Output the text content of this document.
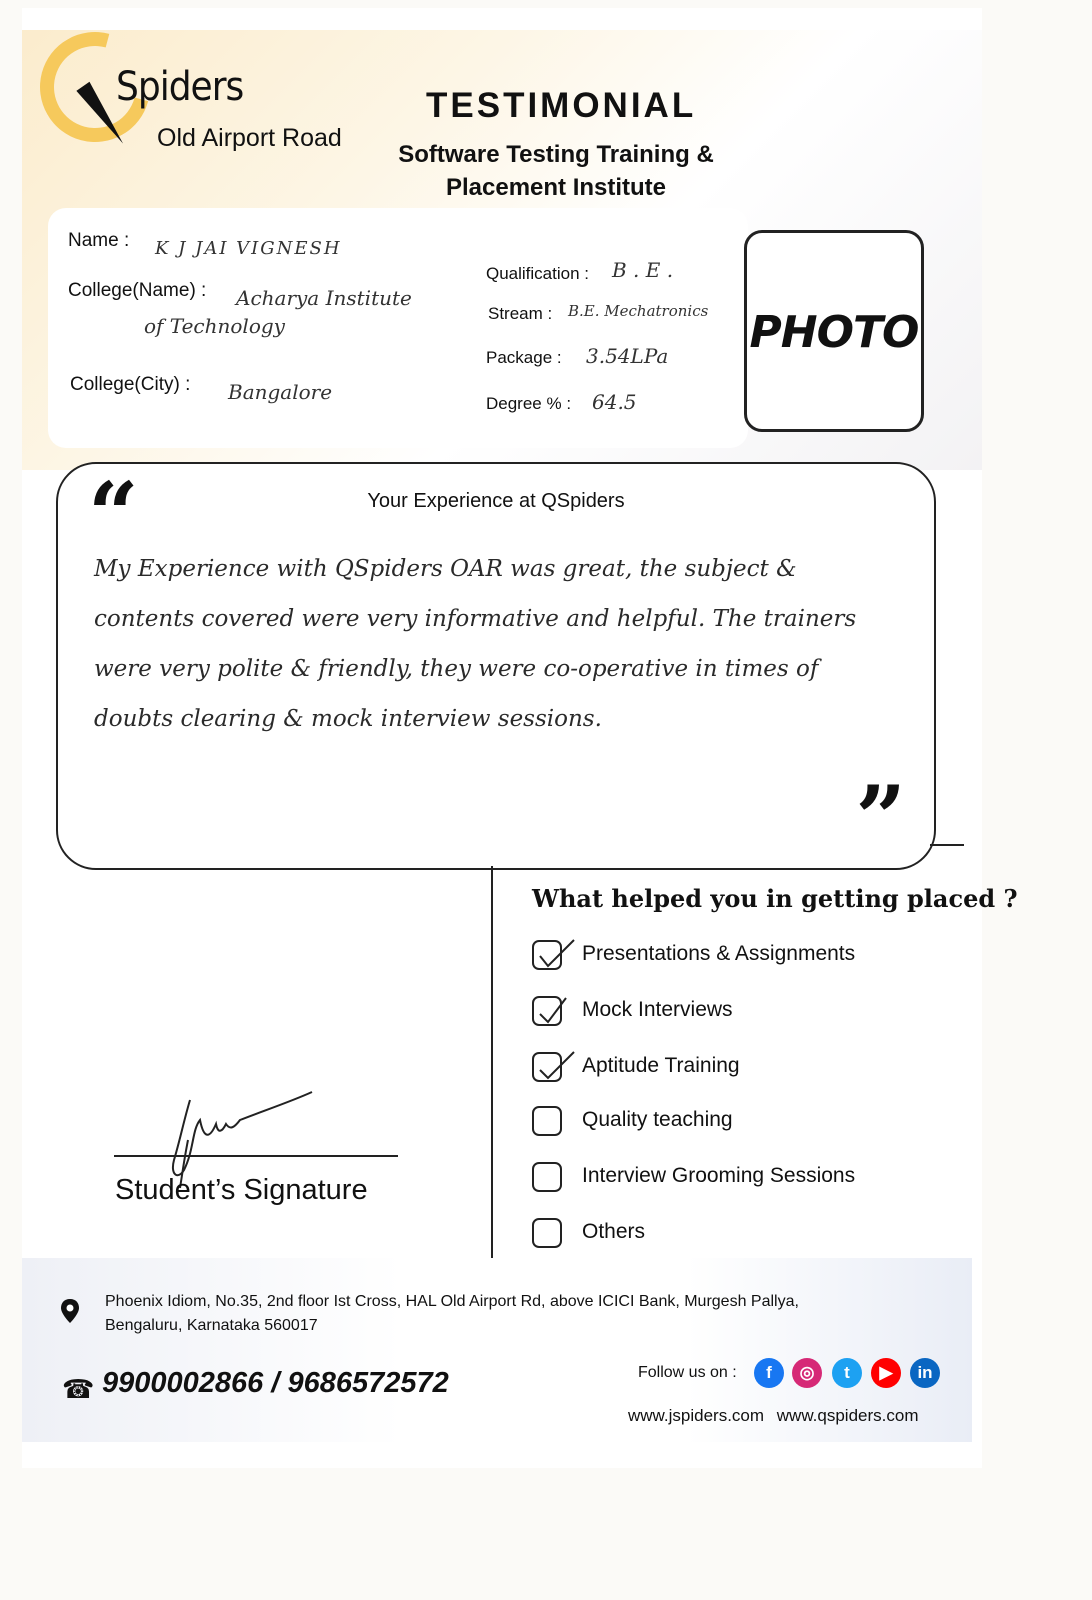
Spiders
Old Airport Road
TESTIMONIAL
Software Testing Training &
Placement Institute
Name : K J JAI VIGNESH
College(Name) : Acharya Institute
of Technology
College(City) : Bangalore
Qualification : B . E .
Stream : B.E. Mechatronics
Package : 3.54LPa
Degree % : 64.5
PHOTO
“	Your Experience at QSpiders
My Experience with QSpiders OAR was great, the subject & contents covered were very informative and helpful. The trainers were very polite & friendly, they were co-operative in times of doubts clearing & mock interview sessions.
”
Student’s Signature
What helped you in getting placed ?
Presentations & Assignments
Mock Interviews
Aptitude Training
Quality teaching
Interview Grooming Sessions
Others
Phoenix Idiom, No.35, 2nd floor Ist Cross, HAL Old Airport Rd, above ICICI Bank, Murgesh Pallya,
Bengaluru, Karnataka 560017
☎ 9900002866 / 9686572572	Follow us on :	f	◎	t	▶	in
www.jspiders.com www.qspiders.com
